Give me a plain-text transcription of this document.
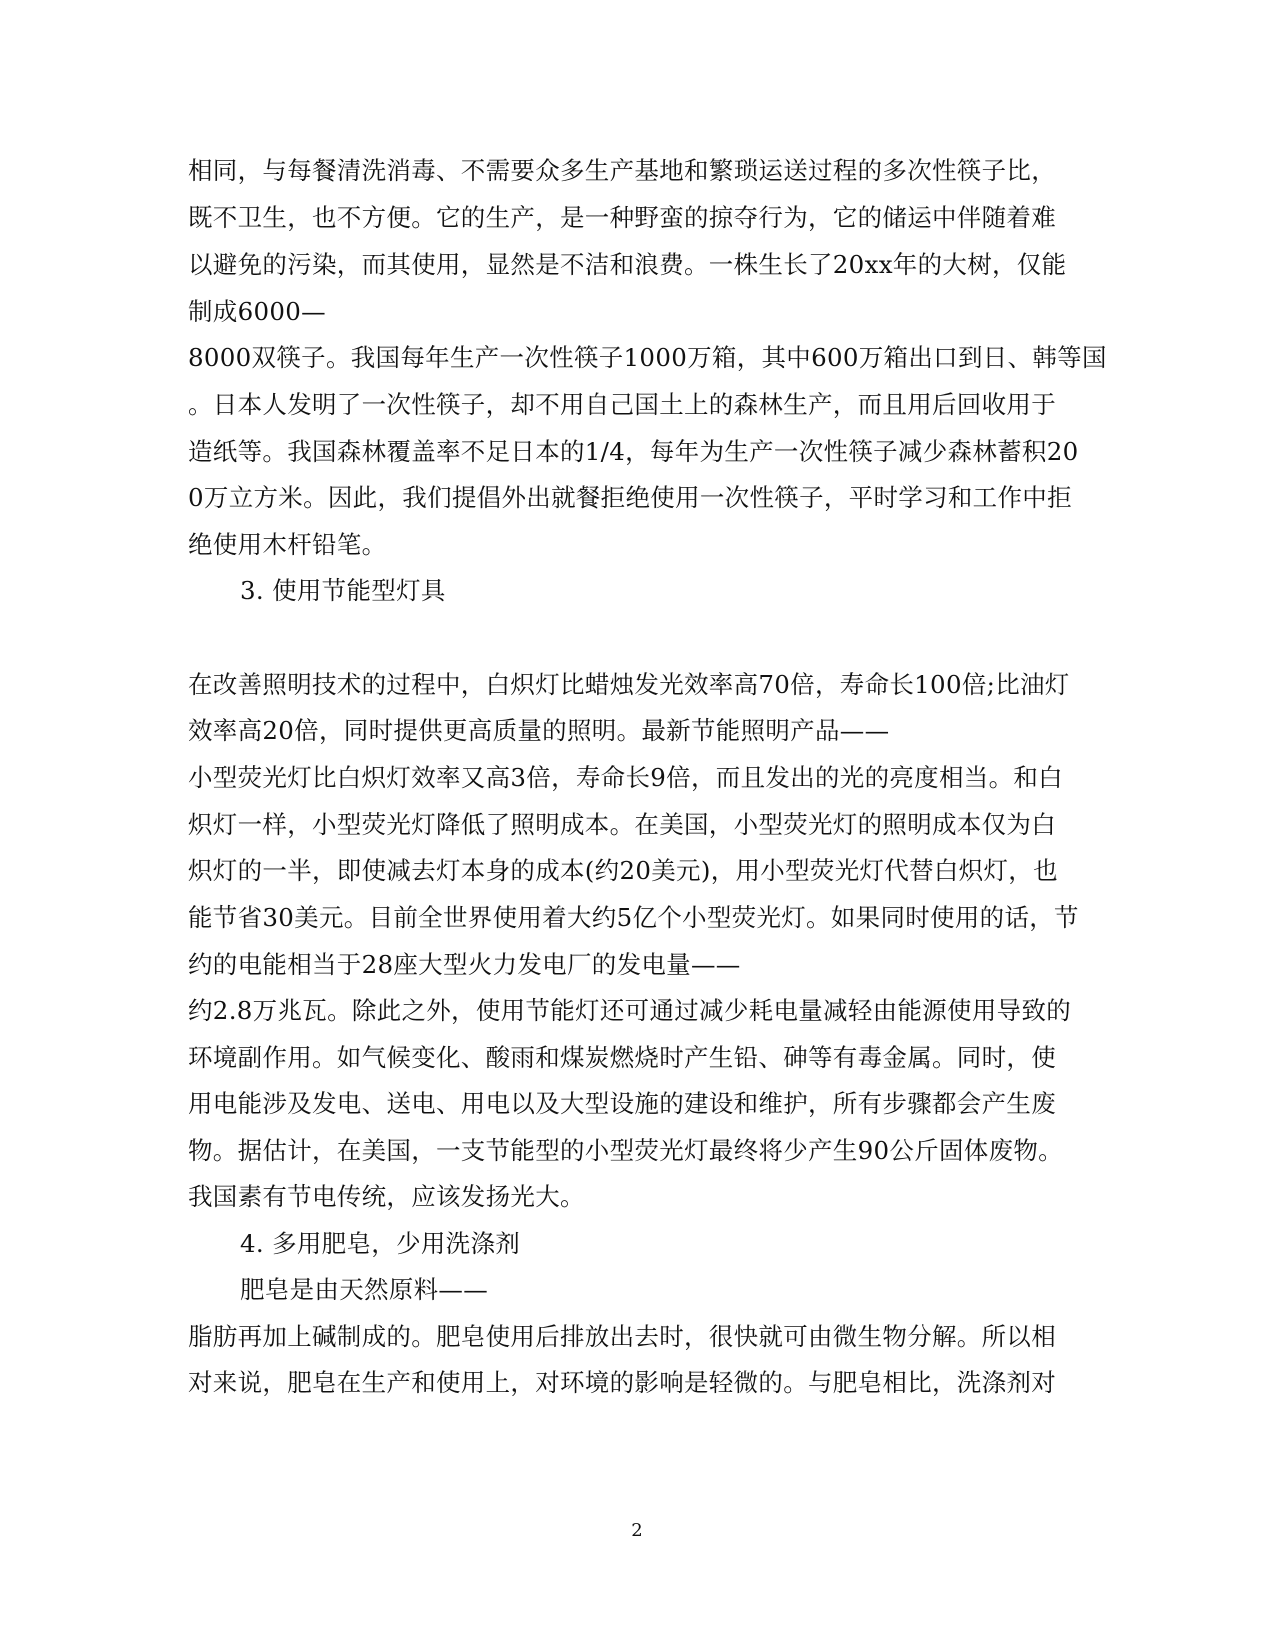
相同，与每餐清洗消毒、不需要众多生产基地和繁琐运送过程的多次性筷子比，
既不卫生，也不方便。它的生产，是一种野蛮的掠夺行为，它的储运中伴随着难
以避免的污染，而其使用，显然是不洁和浪费。一株生长了20xx年的大树，仅能
制成6000—
8000双筷子。我国每年生产一次性筷子1000万箱，其中600万箱出口到日、韩等国
。日本人发明了一次性筷子，却不用自己国土上的森林生产，而且用后回收用于
造纸等。我国森林覆盖率不足日本的1/4，每年为生产一次性筷子减少森林蓄积20
0万立方米。因此，我们提倡外出就餐拒绝使用一次性筷子，平时学习和工作中拒
绝使用木杆铅笔。
3. 使用节能型灯具
在改善照明技术的过程中，白炽灯比蜡烛发光效率高70倍，寿命长100倍;比油灯
效率高20倍，同时提供更高质量的照明。最新节能照明产品——
小型荧光灯比白炽灯效率又高3倍，寿命长9倍，而且发出的光的亮度相当。和白
炽灯一样，小型荧光灯降低了照明成本。在美国，小型荧光灯的照明成本仅为白
炽灯的一半，即使减去灯本身的成本(约20美元)，用小型荧光灯代替白炽灯，也
能节省30美元。目前全世界使用着大约5亿个小型荧光灯。如果同时使用的话，节
约的电能相当于28座大型火力发电厂的发电量——
约2.8万兆瓦。除此之外，使用节能灯还可通过减少耗电量减轻由能源使用导致的
环境副作用。如气候变化、酸雨和煤炭燃烧时产生铅、砷等有毒金属。同时，使
用电能涉及发电、送电、用电以及大型设施的建设和维护，所有步骤都会产生废
物。据估计，在美国，一支节能型的小型荧光灯最终将少产生90公斤固体废物。
我国素有节电传统，应该发扬光大。
4. 多用肥皂，少用洗涤剂
肥皂是由天然原料——
脂肪再加上碱制成的。肥皂使用后排放出去时，很快就可由微生物分解。所以相
对来说，肥皂在生产和使用上，对环境的影响是轻微的。与肥皂相比，洗涤剂对
2
